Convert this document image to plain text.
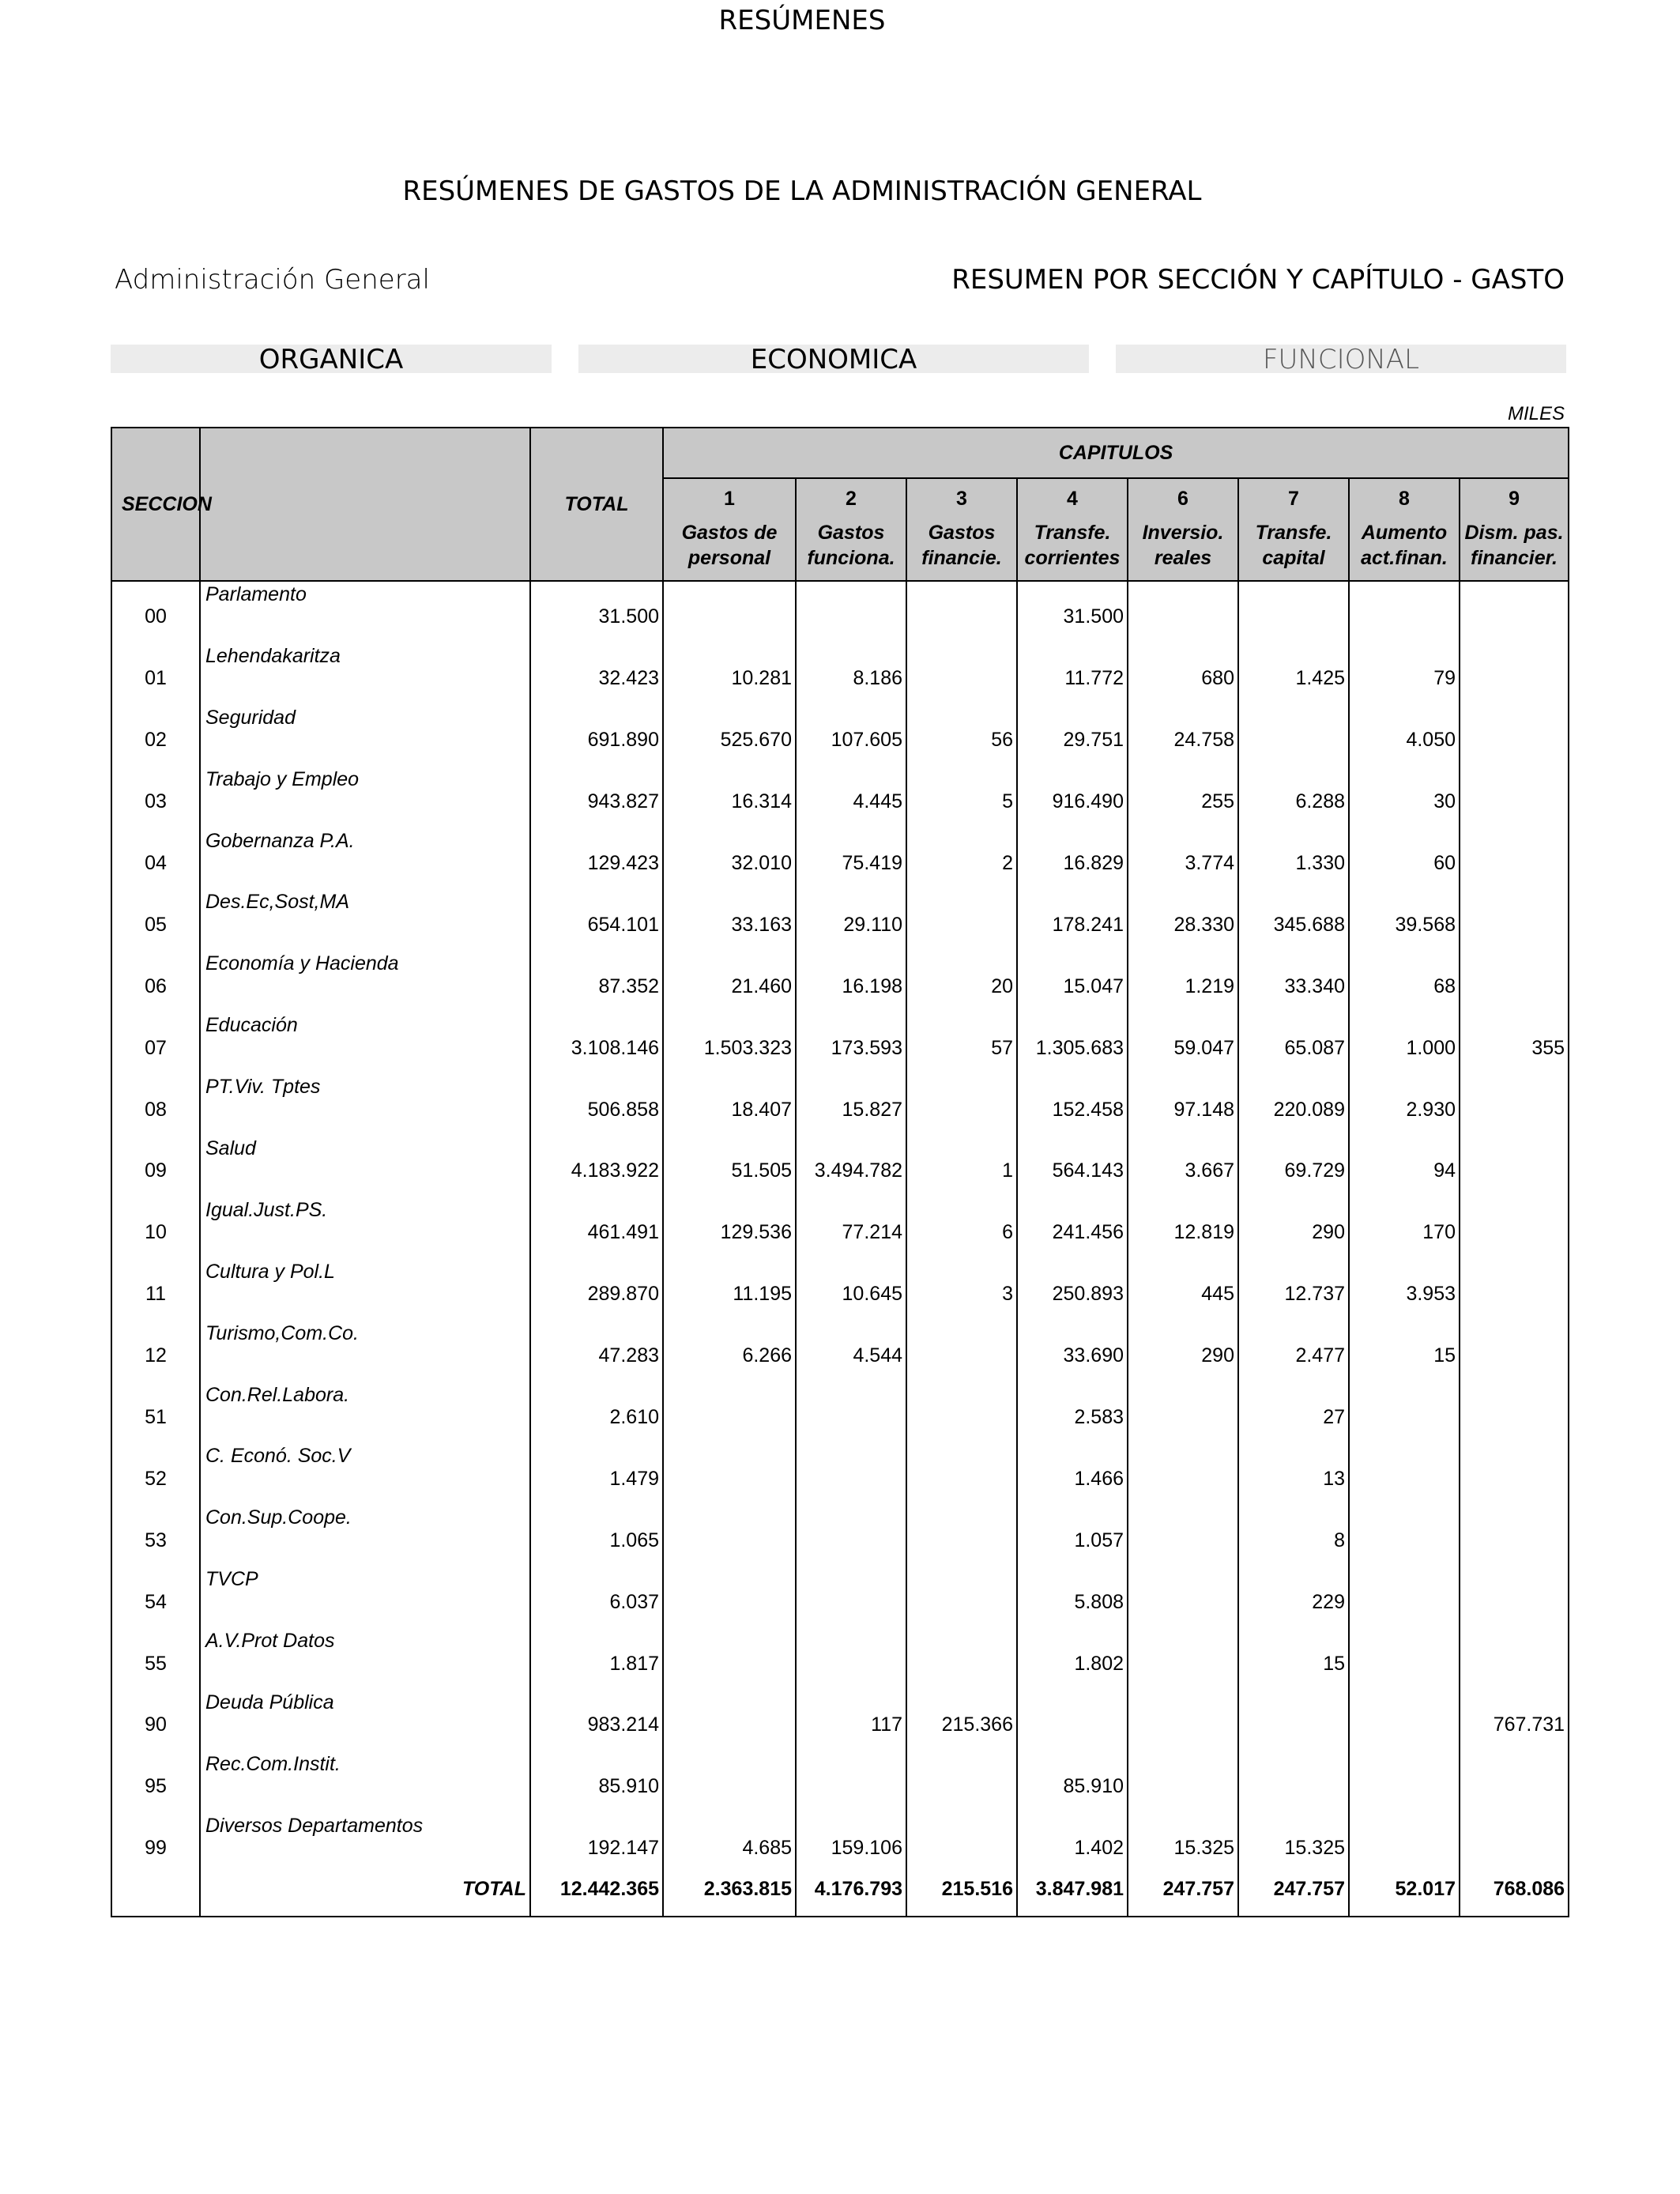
RESÚMENES
RESÚMENES DE GASTOS DE LA ADMINISTRACIÓN GENERAL
Administración General	RESUMEN POR SECCIÓN Y CAPÍTULO - GASTO
ORGANICA	ECONOMICA	FUNCIONAL
MILES
SECCION		TOTAL	CAPITULOS							
			1	2	3	4	6	7	8	9
			Gastos de personal	Gastos funciona.	Gastos financie.	Transfe. corrientes	Inversio. reales	Transfe. capital	Aumento act.finan.	Dism. pas. financier.
00	Parlamento	31.500				31.500				
01	Lehendakaritza	32.423	10.281	8.186		11.772	680	1.425	79	
02	Seguridad	691.890	525.670	107.605	56	29.751	24.758		4.050	
03	Trabajo y Empleo	943.827	16.314	4.445	5	916.490	255	6.288	30	
04	Gobernanza P.A.	129.423	32.010	75.419	2	16.829	3.774	1.330	60	
05	Des.Ec,Sost,MA	654.101	33.163	29.110		178.241	28.330	345.688	39.568	
06	Economía y Hacienda	87.352	21.460	16.198	20	15.047	1.219	33.340	68	
07	Educación	3.108.146	1.503.323	173.593	57	1.305.683	59.047	65.087	1.000	355
08	PT.Viv. Tptes	506.858	18.407	15.827		152.458	97.148	220.089	2.930	
09	Salud	4.183.922	51.505	3.494.782	1	564.143	3.667	69.729	94	
10	Igual.Just.PS.	461.491	129.536	77.214	6	241.456	12.819	290	170	
11	Cultura y Pol.L	289.870	11.195	10.645	3	250.893	445	12.737	3.953	
12	Turismo,Com.Co.	47.283	6.266	4.544		33.690	290	2.477	15	
51	Con.Rel.Labora.	2.610				2.583		27		
52	C. Econó. Soc.V	1.479				1.466		13		
53	Con.Sup.Coope.	1.065				1.057		8		
54	TVCP	6.037				5.808		229		
55	A.V.Prot Datos	1.817				1.802		15		
90	Deuda Pública	983.214		117	215.366					767.731
95	Rec.Com.Instit.	85.910				85.910				
99	Diversos Departamentos	192.147	4.685	159.106		1.402	15.325	15.325		
	TOTAL	12.442.365	2.363.815	4.176.793	215.516	3.847.981	247.757	247.757	52.017	768.086
